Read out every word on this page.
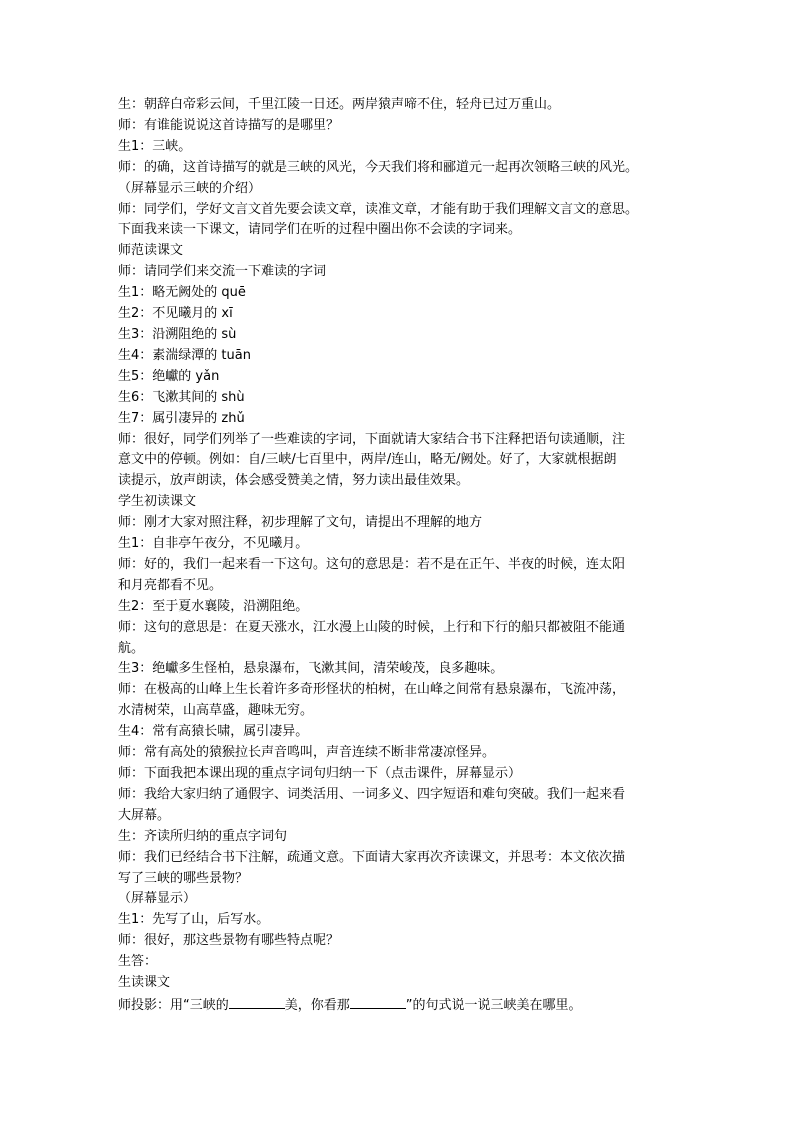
生：朝辞白帝彩云间，千里江陵一日还。两岸猿声啼不住，轻舟已过万重山。
师：有谁能说说这首诗描写的是哪里？
生1：三峡。
师：的确，这首诗描写的就是三峡的风光，今天我们将和郦道元一起再次领略三峡的风光。
（屏幕显示三峡的介绍）
师：同学们，学好文言文首先要会读文章，读准文章，才能有助于我们理解文言文的意思。
下面我来读一下课文，请同学们在听的过程中圈出你不会读的字词来。
师范读课文
师：请同学们来交流一下难读的字词
生1：略无阙处的 quē
生2：不见曦月的 xī
生3：沿溯阻绝的 sù
生4：素湍绿潭的 tuān
生5：绝巘的 yǎn
生6：飞漱其间的 shù
生7：属引凄异的 zhǔ
师：很好，同学们列举了一些难读的字词，下面就请大家结合书下注释把语句读通顺，注
意文中的停顿。例如：自/三峡/七百里中，两岸/连山，略无/阙处。好了，大家就根据朗
读提示，放声朗读，体会感受赞美之情，努力读出最佳效果。
学生初读课文
师：刚才大家对照注释，初步理解了文句，请提出不理解的地方
生1：自非亭午夜分，不见曦月。
师：好的，我们一起来看一下这句。这句的意思是：若不是在正午、半夜的时候，连太阳
和月亮都看不见。
生2：至于夏水襄陵，沿溯阻绝。
师：这句的意思是：在夏天涨水，江水漫上山陵的时候，上行和下行的船只都被阻不能通
航。
生3：绝巘多生怪柏，悬泉瀑布，飞漱其间，清荣峻茂，良多趣味。
师：在极高的山峰上生长着许多奇形怪状的柏树，在山峰之间常有悬泉瀑布，飞流冲荡，
水清树荣，山高草盛，趣味无穷。
生4：常有高猿长啸，属引凄异。
师：常有高处的猿猴拉长声音鸣叫，声音连续不断非常凄凉怪异。
师：下面我把本课出现的重点字词句归纳一下（点击课件，屏幕显示）
师：我给大家归纳了通假字、词类活用、一词多义、四字短语和难句突破。我们一起来看
大屏幕。
生：齐读所归纳的重点字词句
师：我们已经结合书下注解，疏通文意。下面请大家再次齐读课文，并思考：本文依次描
写了三峡的哪些景物？
（屏幕显示）
生1：先写了山，后写水。
师：很好，那这些景物有哪些特点呢？
生答：
生读课文
师投影：用“三峡的	美，你看那	”的句式说一说三峡美在哪里。
